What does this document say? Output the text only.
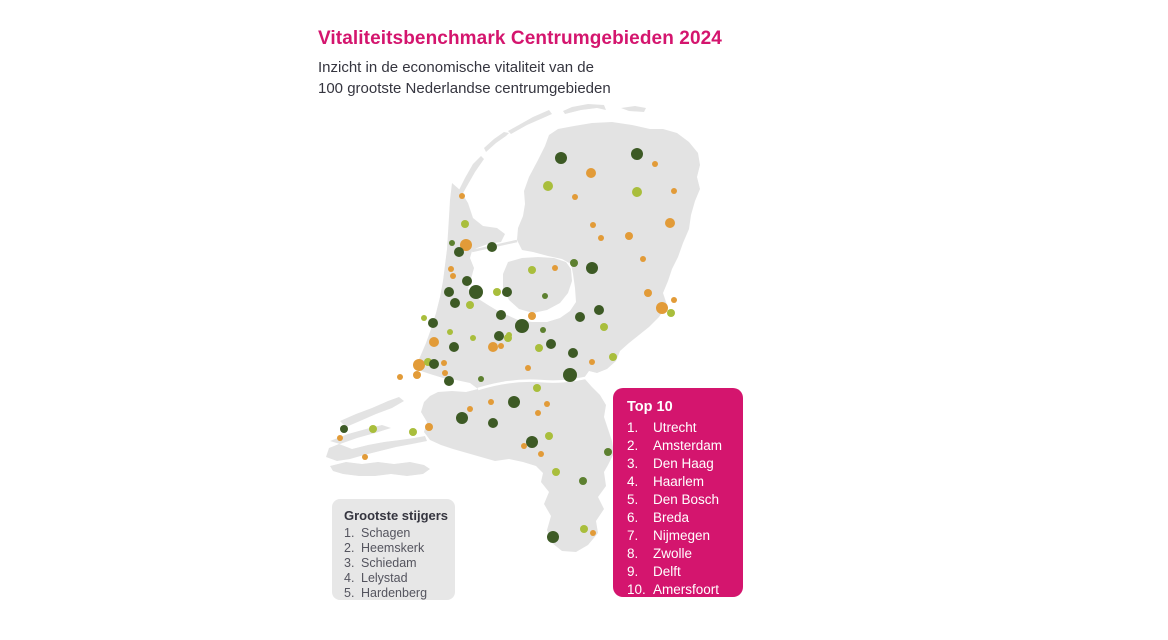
Vitaliteitsbenchmark Centrumgebieden 2024

Inzicht in de economische vitaliteit van de
100 grootste Nederlandse centrumgebieden

Top 10

1.	Utrecht
2.	Amsterdam
3.	Den Haag
4.	Haarlem
5.	Den Bosch
6.	Breda
7.	Nijmegen
8.	Zwolle
9.	Delft
10. Amersfoort

Grootste stijgers

1. Schagen
2. Heemskerk
3. Schiedam
4. Lelystad
5. Hardenberg
